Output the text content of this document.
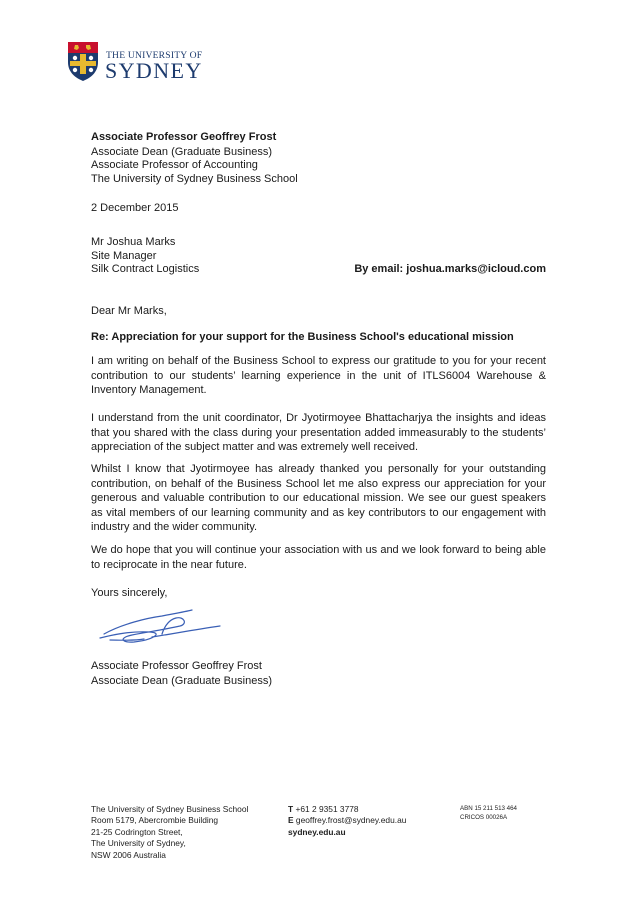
THE UNIVERSITY OF
SYDNEY
Associate Professor Geoffrey Frost
Associate Dean (Graduate Business)
Associate Professor of Accounting
The University of Sydney Business School
2 December 2015
Mr Joshua Marks
Site Manager
Silk Contract Logistics	By email: joshua.marks@icloud.com
Dear Mr Marks,
Re: Appreciation for your support for the Business School's educational mission
I am writing on behalf of the Business School to express our gratitude to you for your recent contribution to our students’ learning experience in the unit of ITLS6004 Warehouse & Inventory Management.
I understand from the unit coordinator, Dr Jyotirmoyee Bhattacharjya the insights and ideas that you shared with the class during your presentation added immeasurably to the students’ appreciation of the subject matter and was extremely well received.
Whilst I know that Jyotirmoyee has already thanked you personally for your outstanding contribution, on behalf of the Business School let me also express our appreciation for your generous and valuable contribution to our educational mission. We see our guest speakers as vital members of our learning community and as key contributors to our engagement with industry and the wider community.
We do hope that you will continue your association with us and we look forward to being able to reciprocate in the near future.
Yours sincerely,
Associate Professor Geoffrey Frost
Associate Dean (Graduate Business)
The University of Sydney Business School
Room 5179, Abercrombie Building
21-25 Codrington Street,
The University of Sydney,
NSW 2006 Australia
T +61 2 9351 3778
E geoffrey.frost@sydney.edu.au
sydney.edu.au
ABN 15 211 513 464
CRICOS 00026A
